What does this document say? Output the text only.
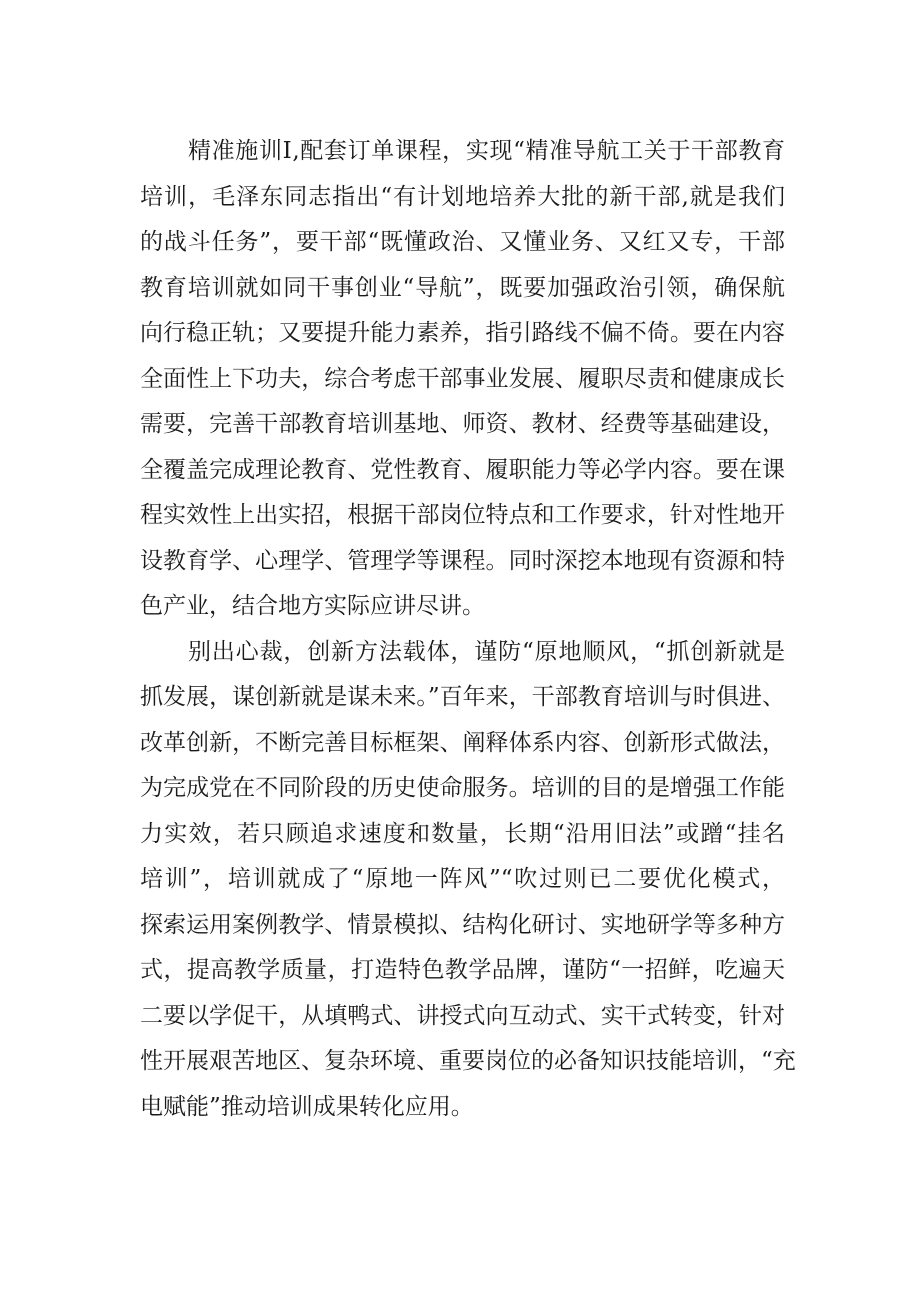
精准施训Ⅰ,配套订单课程，实现“精准导航工关于干部教育
培训，毛泽东同志指出“有计划地培养大批的新干部,就是我们
的战斗任务”，要干部“既懂政治、又懂业务、又红又专，干部
教育培训就如同干事创业“导航”，既要加强政治引领，确保航
向行稳正轨；又要提升能力素养，指引路线不偏不倚。要在内容
全面性上下功夫，综合考虑干部事业发展、履职尽责和健康成长
需要，完善干部教育培训基地、师资、教材、经费等基础建设，
全覆盖完成理论教育、党性教育、履职能力等必学内容。要在课
程实效性上出实招，根据干部岗位特点和工作要求，针对性地开
设教育学、心理学、管理学等课程。同时深挖本地现有资源和特
色产业，结合地方实际应讲尽讲。
别出心裁，创新方法载体，谨防“原地顺风，“抓创新就是
抓发展，谋创新就是谋未来。”百年来，干部教育培训与时俱进、
改革创新，不断完善目标框架、阐释体系内容、创新形式做法，
为完成党在不同阶段的历史使命服务。培训的目的是增强工作能
力实效，若只顾追求速度和数量，长期“沿用旧法”或蹭“挂名
培训”，培训就成了“原地一阵风”“吹过则已二要优化模式，
探索运用案例教学、情景模拟、结构化研讨、实地研学等多种方
式，提高教学质量，打造特色教学品牌，谨防“一招鲜，吃遍天
二要以学促干，从填鸭式、讲授式向互动式、实干式转变，针对
性开展艰苦地区、复杂环境、重要岗位的必备知识技能培训，“充
电赋能”推动培训成果转化应用。
